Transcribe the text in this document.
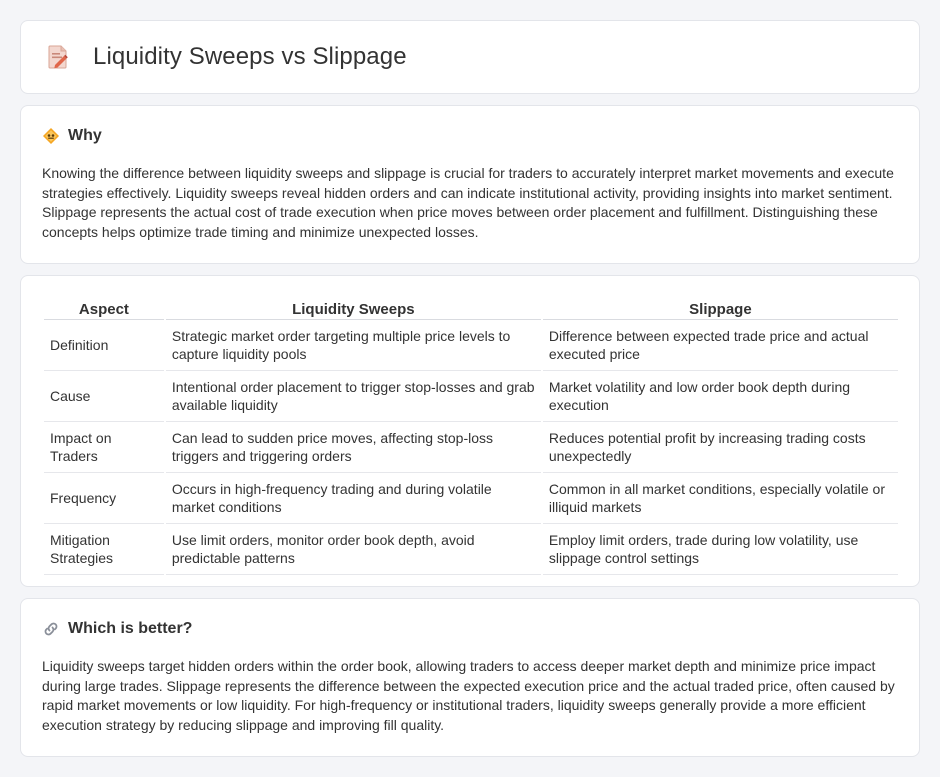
Liquidity Sweeps vs Slippage
Why

Knowing the difference between liquidity sweeps and slippage is crucial for traders to accurately interpret market movements and execute strategies effectively. Liquidity sweeps reveal hidden orders and can indicate institutional activity, providing insights into market sentiment. Slippage represents the actual cost of trade execution when price moves between order placement and fulfillment. Distinguishing these concepts helps optimize trade timing and minimize unexpected losses.

Aspect	Liquidity Sweeps	Slippage
Definition	Strategic market order targeting multiple price levels to capture liquidity pools	Difference between expected trade price and actual executed price
Cause	Intentional order placement to trigger stop-losses and grab available liquidity	Market volatility and low order book depth during execution
Impact on Traders	Can lead to sudden price moves, affecting stop-loss triggers and triggering orders	Reduces potential profit by increasing trading costs unexpectedly
Frequency	Occurs in high-frequency trading and during volatile market conditions	Common in all market conditions, especially volatile or illiquid markets
Mitigation Strategies	Use limit orders, monitor order book depth, avoid predictable patterns	Employ limit orders, trade during low volatility, use slippage control settings
Which is better?

Liquidity sweeps target hidden orders within the order book, allowing traders to access deeper market depth and minimize price impact during large trades. Slippage represents the difference between the expected execution price and the actual traded price, often caused by rapid market movements or low liquidity. For high-frequency or institutional traders, liquidity sweeps generally provide a more efficient execution strategy by reducing slippage and improving fill quality.
